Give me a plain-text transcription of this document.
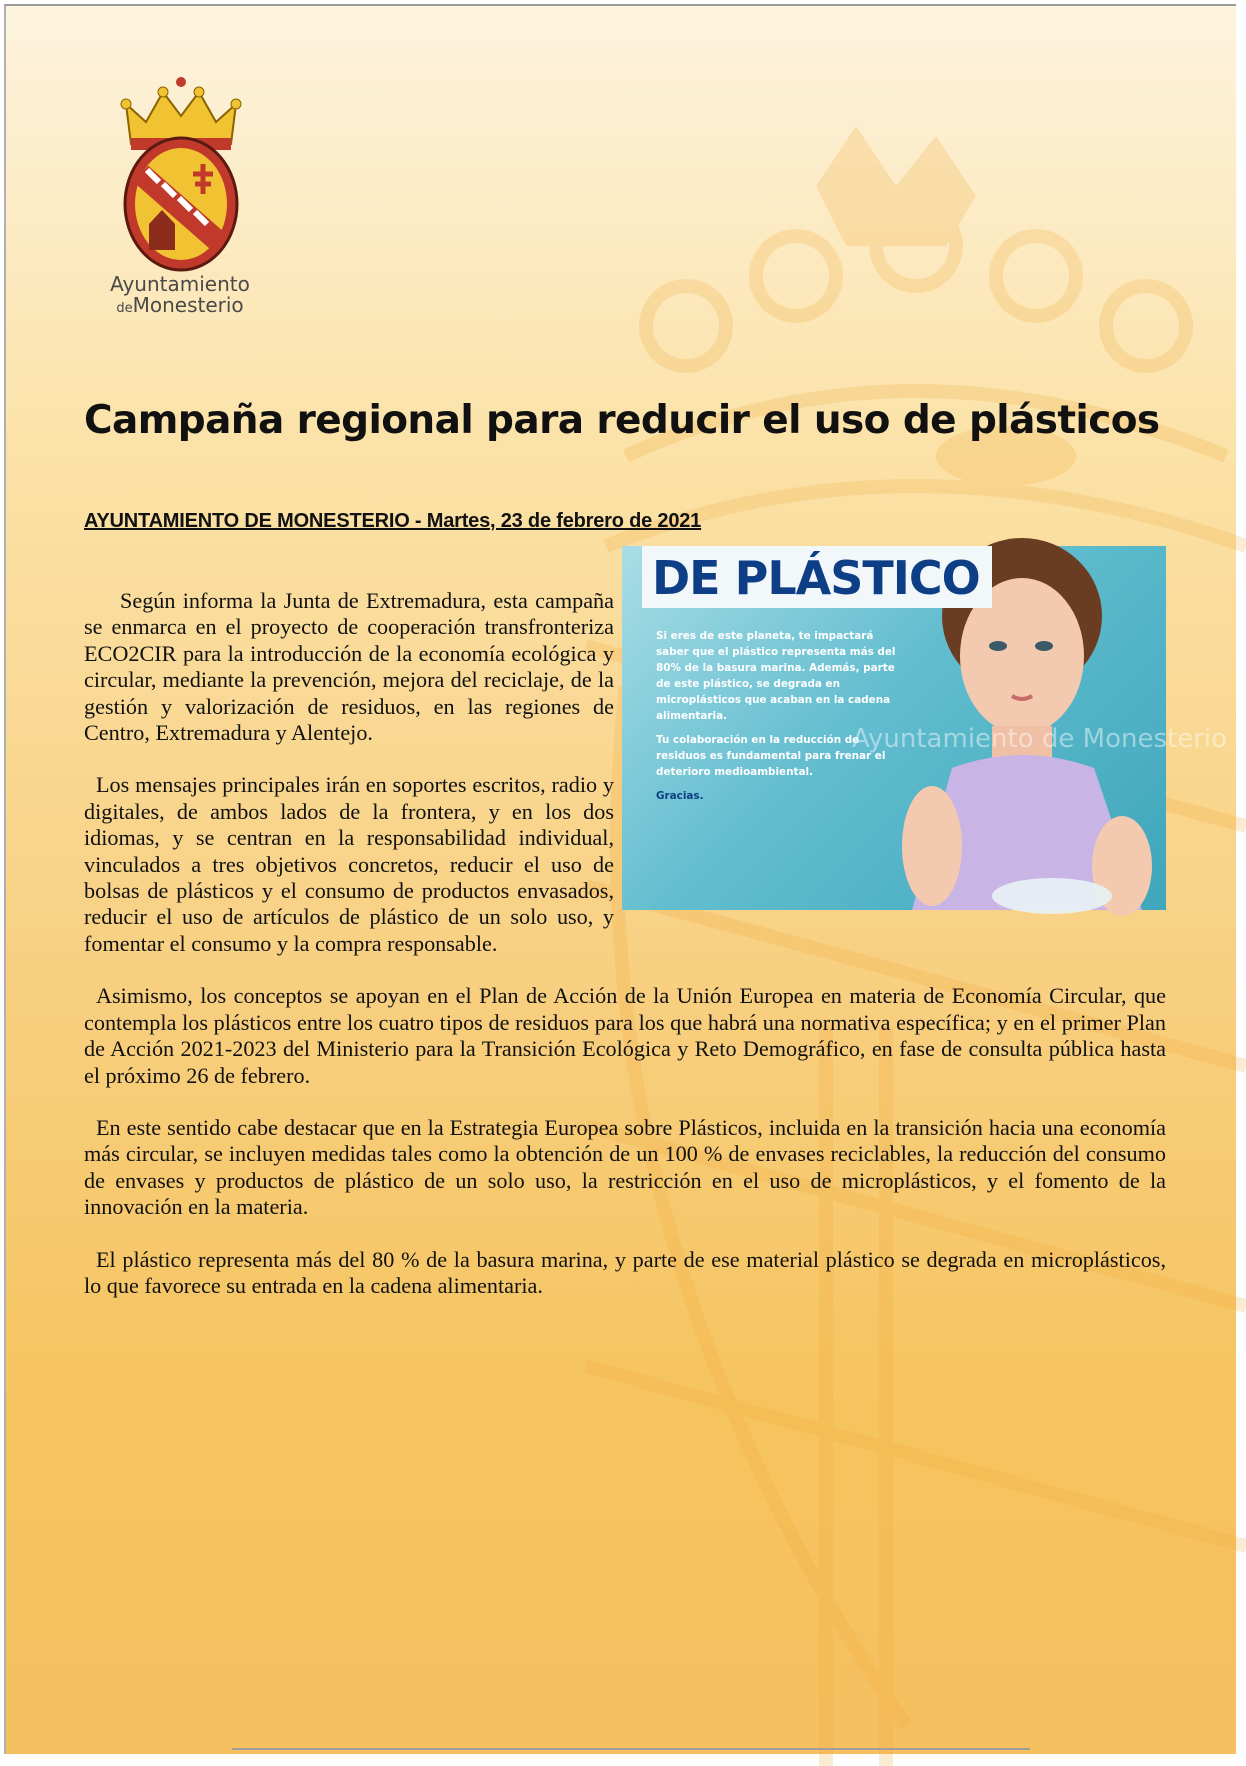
Ayuntamiento
deMonesterio
Campaña regional para reducir el uso de plásticos
AYUNTAMIENTO DE MONESTERIO - Martes, 23 de febrero de 2021
DE PLÁSTICO
Si eres de este planeta, te impactará saber que el plástico representa más del 80% de la basura marina. Además, parte de este plástico, se degrada en microplásticos que acaban en la cadena alimentaria.
Tu colaboración en la reducción de residuos es fundamental para frenar el deterioro medioambiental.
Gracias.
Ayuntamiento de Monesterio

Según informa la Junta de Extremadura, esta campaña se enmarca en el proyecto de cooperación transfronteriza ECO2CIR para la introducción de la economía ecológica y circular, mediante la prevención, mejora del reciclaje, de la gestión y valorización de residuos, en las regiones de Centro, Extremadura y Alentejo.

Los mensajes principales irán en soportes escritos, radio y digitales, de ambos lados de la frontera, y en los dos idiomas, y se centran en la responsabilidad individual, vinculados a tres objetivos concretos, reducir el uso de bolsas de plásticos y el consumo de productos envasados, reducir el uso de artículos de plástico de un solo uso, y fomentar el consumo y la compra responsable.

Asimismo, los conceptos se apoyan en el Plan de Acción de la Unión Europea en materia de Economía Circular, que contempla los plásticos entre los cuatro tipos de residuos para los que habrá una normativa específica; y en el primer Plan de Acción 2021-2023 del Ministerio para la Transición Ecológica y Reto Demográfico, en fase de consulta pública hasta el próximo 26 de febrero.

En este sentido cabe destacar que en la Estrategia Europea sobre Plásticos, incluida en la transición hacia una economía más circular, se incluyen medidas tales como la obtención de un 100 % de envases reciclables, la reducción del consumo de envases y productos de plástico de un solo uso, la restricción en el uso de microplásticos, y el fomento de la innovación en la materia.

El plástico representa más del 80 % de la basura marina, y parte de ese material plástico se degrada en microplásticos, lo que favorece su entrada en la cadena alimentaria.
